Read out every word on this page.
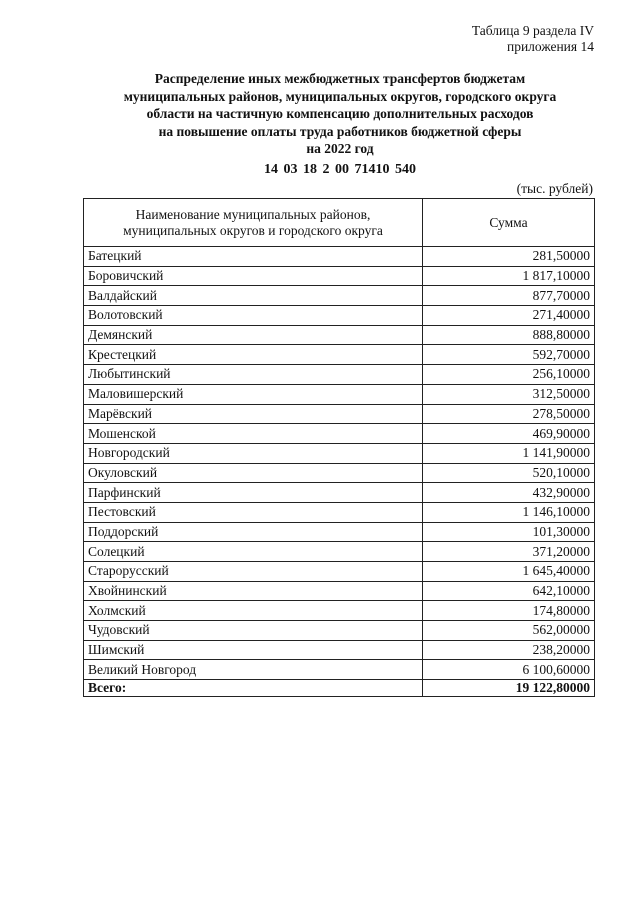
Таблица 9 раздела IV
приложения 14
Распределение иных межбюджетных трансфертов бюджетам
муниципальных районов, муниципальных округов, городского округа
области на частичную компенсацию дополнительных расходов
на повышение оплаты труда работников бюджетной сферы
на 2022 год
14 03 18 2 00 71410 540
(тыс. рублей)
Наименование муниципальных районов,
муниципальных округов и городского округа	Сумма
Батецкий	281,50000
Боровичский	1 817,10000
Валдайский	877,70000
Волотовский	271,40000
Демянский	888,80000
Крестецкий	592,70000
Любытинский	256,10000
Маловишерский	312,50000
Марёвский	278,50000
Мошенской	469,90000
Новгородский	1 141,90000
Окуловский	520,10000
Парфинский	432,90000
Пестовский	1 146,10000
Поддорский	101,30000
Солецкий	371,20000
Старорусский	1 645,40000
Хвойнинский	642,10000
Холмский	174,80000
Чудовский	562,00000
Шимский	238,20000
Великий Новгород	6 100,60000
Всего:	19 122,80000
